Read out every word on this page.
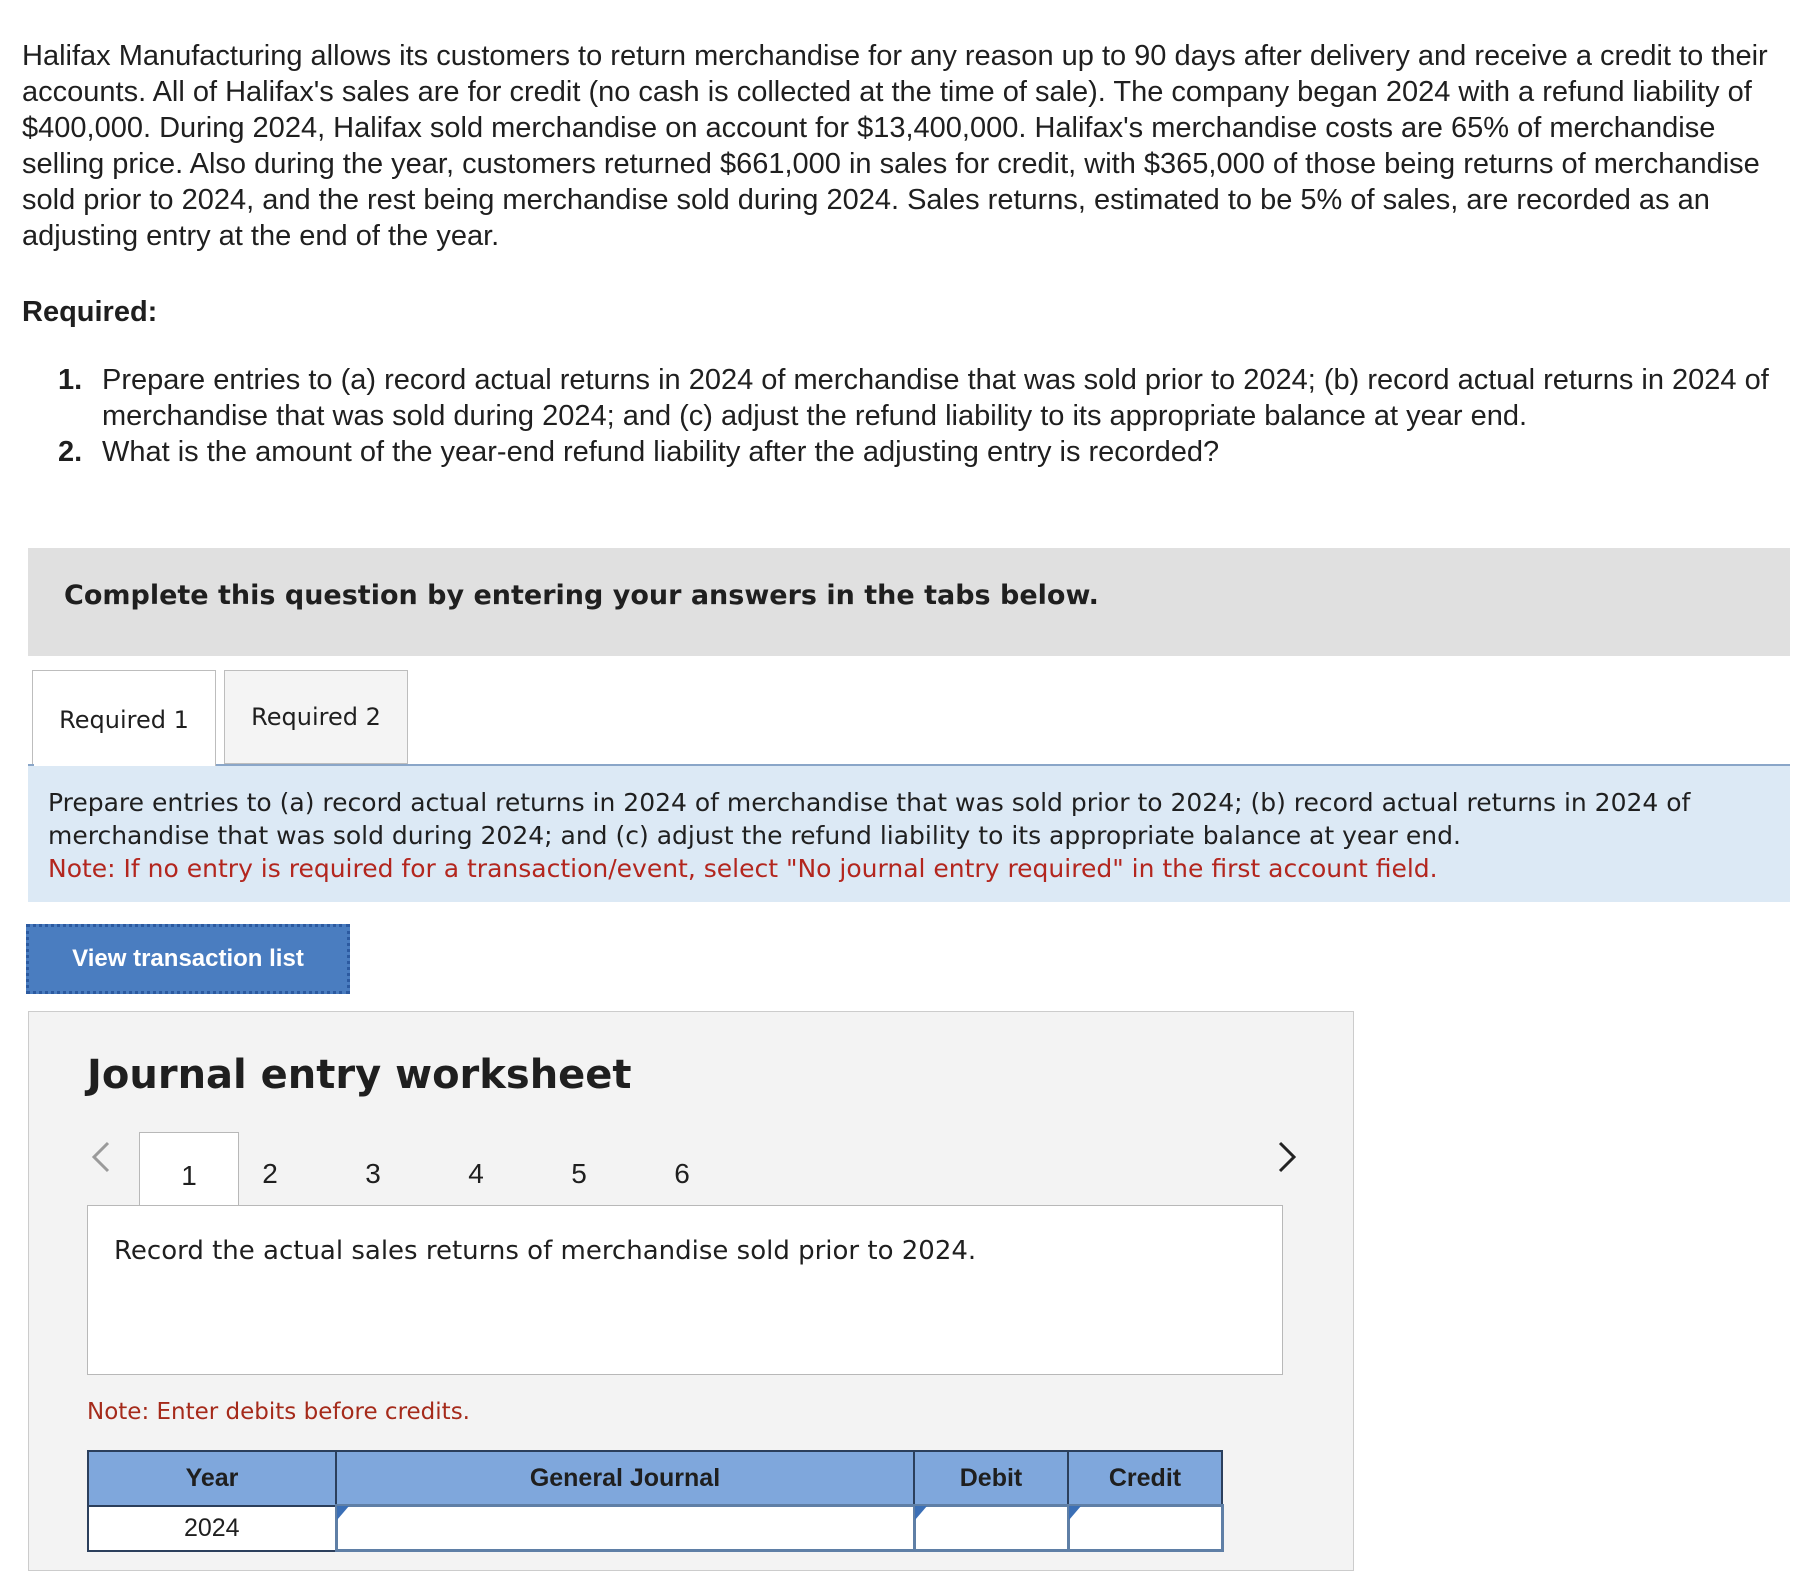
Halifax Manufacturing allows its customers to return merchandise for any reason up to 90 days after delivery and receive a credit to their accounts. All of Halifax's sales are for credit (no cash is collected at the time of sale). The company began 2024 with a refund liability of $400,000. During 2024, Halifax sold merchandise on account for $13,400,000. Halifax's merchandise costs are 65% of merchandise selling price. Also during the year, customers returned $661,000 in sales for credit, with $365,000 of those being returns of merchandise sold prior to 2024, and the rest being merchandise sold during 2024. Sales returns, estimated to be 5% of sales, are recorded as an adjusting entry at the end of the year.

Required:
1. Prepare entries to (a) record actual returns in 2024 of merchandise that was sold prior to 2024; (b) record actual returns in 2024 of merchandise that was sold during 2024; and (c) adjust the refund liability to its appropriate balance at year end.
2. What is the amount of the year-end refund liability after the adjusting entry is recorded?
Complete this question by entering your answers in the tabs below.
Required 1	Required 2
Prepare entries to (a) record actual returns in 2024 of merchandise that was sold prior to 2024; (b) record actual returns in 2024 of merchandise that was sold during 2024; and (c) adjust the refund liability to its appropriate balance at year end.
Note: If no entry is required for a transaction/event, select "No journal entry required" in the first account field.
View transaction list
Journal entry worksheet
1	2	3	4	5	6
Record the actual sales returns of merchandise sold prior to 2024.
Note: Enter debits before credits.
Year	General Journal	Debit	Credit
2024	
